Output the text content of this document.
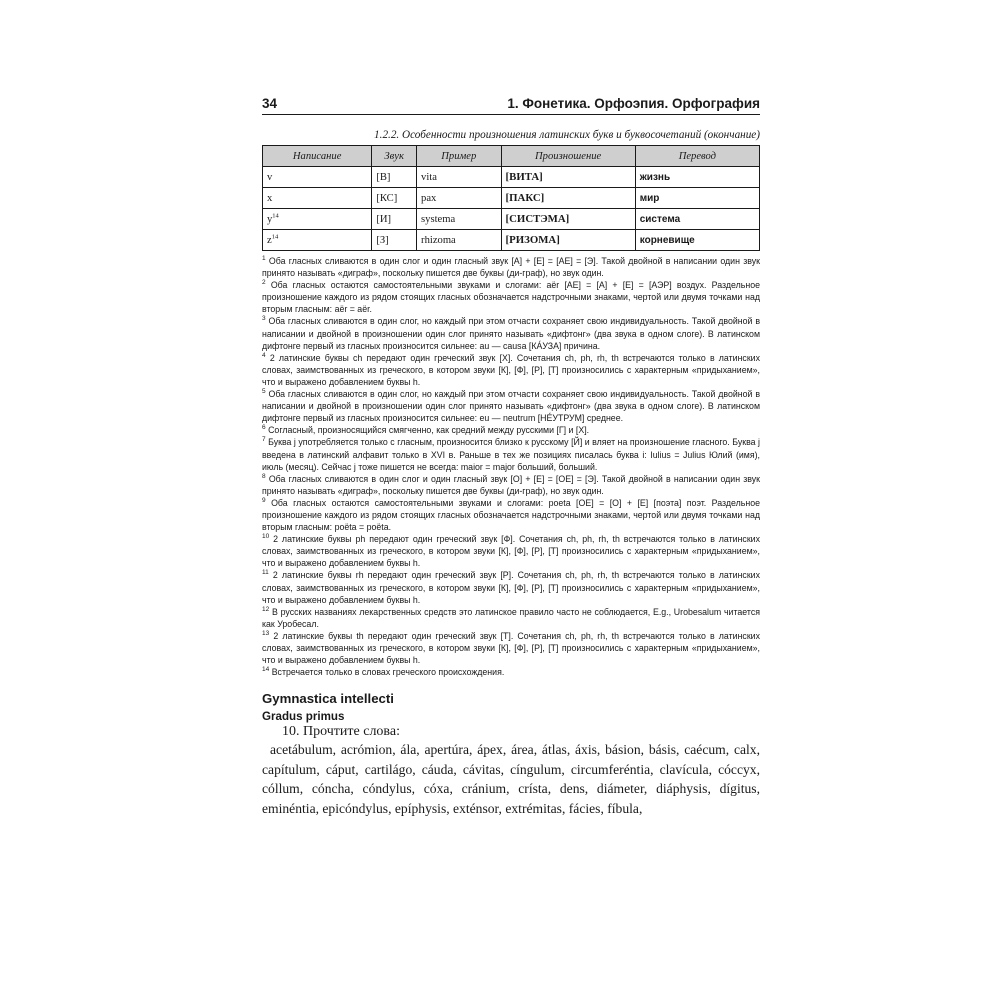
34	1. Фонетика. Орфоэпия. Орфография
1.2.2. Особенности произношения латинских букв и буквосочетаний (окончание)
Написание	Звук	Пример	Произношение	Перевод
v	[В]	vita	[ВИТА]	жизнь
x	[КС]	pax	[ПАКС]	мир
$y^{14}$	[И]	systema	[СИСТЭМА]	система
$z^{14}$	[З]	rhizoma	[РИЗОМА]	корневище

$^1$ Оба гласных сливаются в один слог и один гласный звук [А] + [Е] = [АЕ] = [Э]. Такой двойной в написании один звук принято называть «диграф», поскольку пишется две буквы (ди-граф), но звук один.

$^2$ Оба гласных остаются самостоятельными звуками и слогами: aër [АЕ] = [А] + [Е] = [АЭР] воздух. Раздельное произношение каждого из рядом стоящих гласных обозначается надстрочными знаками, чертой или двумя точками над вторым гласным: aёr = aër.

$^3$ Оба гласных сливаются в один слог, но каждый при этом отчасти сохраняет свою индивидуальность. Такой двойной в написании и двойной в произношении один слог принято называть «дифтонг» (два звука в одном слоге). В латинском дифтонге первый из гласных произносится сильнее: au — causa [КА́УЗА] причина.

$^4$ 2 латинские буквы ch передают один греческий звук [Х]. Сочетания ch, ph, rh, th встречаются только в латинских словах, заимствованных из греческого, в котором звуки [К], [Ф], [Р], [Т] произносились с характерным «придыханием», что и выражено добавлением буквы h.

$^5$ Оба гласных сливаются в один слог, но каждый при этом отчасти сохраняет свою индивидуальность. Такой двойной в написании и двойной в произношении один слог принято называть «дифтонг» (два звука в одном слоге). В латинском дифтонге первый из гласных произносится сильнее: eu — neutrum [НЕ́УТРУМ] среднее.

$^6$ Согласный, произносящийся смягченно, как средний между русскими [Г] и [Х].

$^7$ Буква j употребляется только с гласным, произносится близко к русскому [Й] и вляет на произношение гласного. Буква j введена в латинский алфавит только в XVI в. Раньше в тех же позициях писалась буква i: Iulius = Julius Юлий (имя), июль (месяц). Сейчас j тоже пишется не всегда: maior = major больший, больший.

$^8$ Оба гласных сливаются в один слог и один гласный звук [О] + [Е] = [ОЕ] = [Э]. Такой двойной в написании один звук принято называть «диграф», поскольку пишется две буквы (ди-граф), но звук один.

$^9$ Оба гласных остаются самостоятельными звуками и слогами: poeta [ОЕ] = [О] + [Е] [поэта] поэт. Раздельное произношение каждого из рядом стоящих гласных обозначается надстрочными знаками, чертой или двумя точками над вторым гласным: poёta = poëta.

$^{10}$ 2 латинские буквы ph передают один греческий звук [Ф]. Сочетания ch, ph, rh, th встречаются только в латинских словах, заимствованных из греческого, в котором звуки [К], [Ф], [Р], [Т] произносились с характерным «придыханием», что и выражено добавлением буквы h.

$^{11}$ 2 латинские буквы rh передают один греческий звук [Р]. Сочетания ch, ph, rh, th встречаются только в латинских словах, заимствованных из греческого, в котором звуки [К], [Ф], [Р], [Т] произносились с характерным «придыханием», что и выражено добавлением буквы h.

$^{12}$ В русских названиях лекарственных средств это латинское правило часто не соблюдается, E.g., Urobesalum читается как Уробесал.

$^{13}$ 2 латинские буквы th передают один греческий звук [Т]. Сочетания ch, ph, rh, th встречаются только в латинских словах, заимствованных из греческого, в котором звуки [К], [Ф], [Р], [Т] произносились с характерным «придыханием», что и выражено добавлением буквы h.

$^{14}$ Встречается только в словах греческого происхождения.

Gymnastica intellecti
Gradus primus
10. Прочтите слова:
acetábulum, acrómion, ála, apertúra, ápex, área, átlas, áxis, básion, básis, caécum, calx, capítulum, cáput, cartilágo, cáuda, cávitas, cíngulum, circumferéntia, clavícula, cóccyx, cóllum, cóncha, cóndylus, cóxa, cránium, crísta, dens, diámeter, diáphysis, dígitus, eminéntia, epicóndylus, epíphysis, exténsor, extrémitas, fácies, fíbula,
